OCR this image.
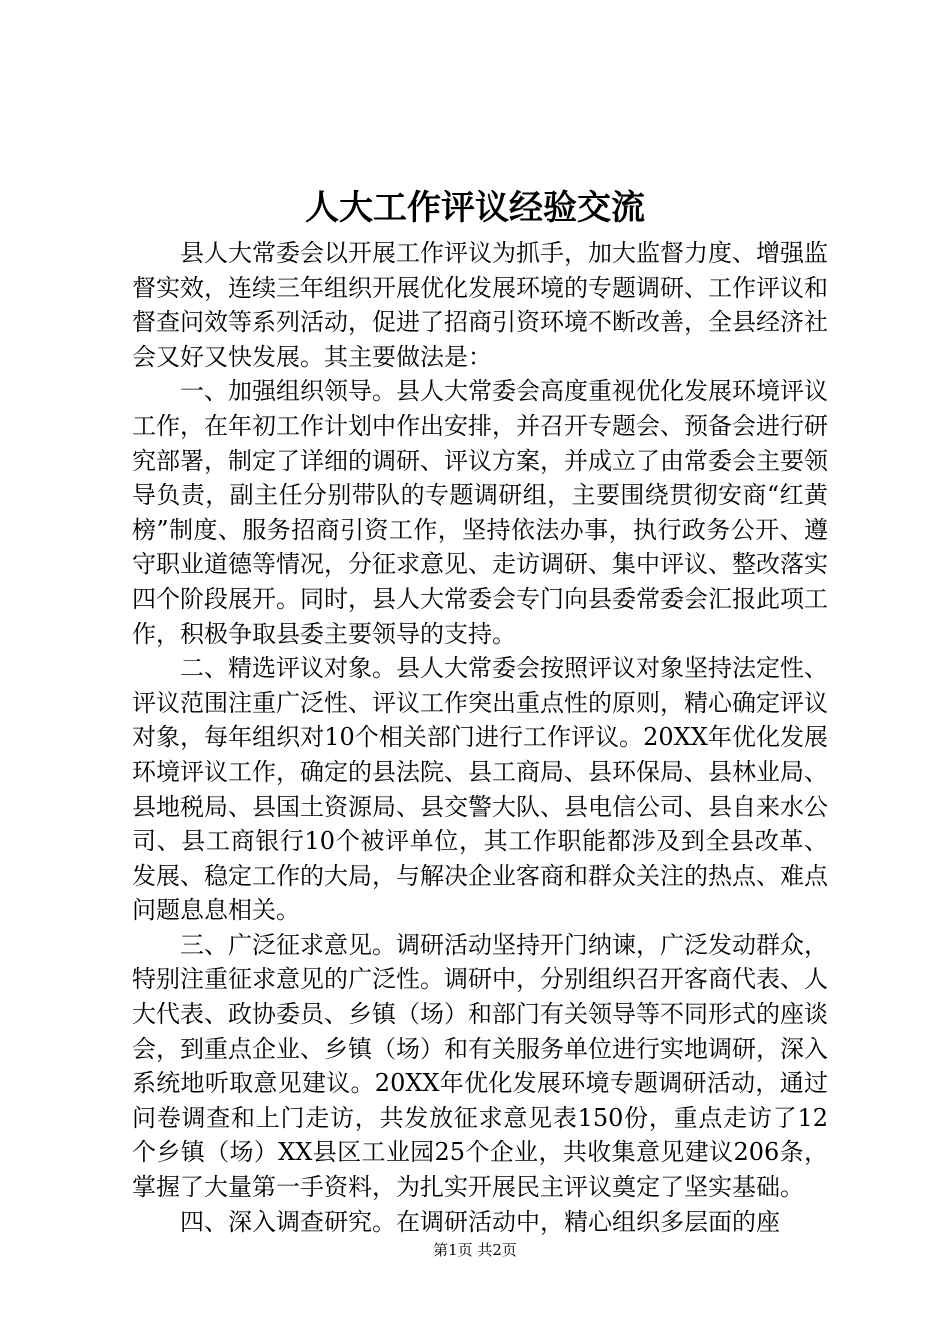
人大工作评议经验交流

县人大常委会以开展工作评议为抓手，加大监督力度、增强监督实效，连续三年组织开展优化发展环境的专题调研、工作评议和督查问效等系列活动，促进了招商引资环境不断改善，全县经济社会又好又快发展。其主要做法是：

一、加强组织领导。县人大常委会高度重视优化发展环境评议工作，在年初工作计划中作出安排，并召开专题会、预备会进行研究部署，制定了详细的调研、评议方案，并成立了由常委会主要领导负责，副主任分别带队的专题调研组，主要围绕贯彻安商“红黄榜”制度、服务招商引资工作，坚持依法办事，执行政务公开、遵守职业道德等情况，分征求意见、走访调研、集中评议、整改落实四个阶段展开。同时，县人大常委会专门向县委常委会汇报此项工作，积极争取县委主要领导的支持。

二、精选评议对象。县人大常委会按照评议对象坚持法定性、评议范围注重广泛性、评议工作突出重点性的原则，精心确定评议对象，每年组织对10个相关部门进行工作评议。20XX年优化发展环境评议工作，确定的县法院、县工商局、县环保局、县林业局、县地税局、县国土资源局、县交警大队、县电信公司、县自来水公司、县工商银行10个被评单位，其工作职能都涉及到全县改革、发展、稳定工作的大局，与解决企业客商和群众关注的热点、难点问题息息相关。

三、广泛征求意见。调研活动坚持开门纳谏，广泛发动群众，特别注重征求意见的广泛性。调研中，分别组织召开客商代表、人大代表、政协委员、乡镇（场）和部门有关领导等不同形式的座谈会，到重点企业、乡镇（场）和有关服务单位进行实地调研，深入系统地听取意见建议。20XX年优化发展环境专题调研活动，通过问卷调查和上门走访，共发放征求意见表150份，重点走访了12个乡镇（场）XX县区工业园25个企业，共收集意见建议206条，掌握了大量第一手资料，为扎实开展民主评议奠定了坚实基础。

四、深入调查研究。在调研活动中，精心组织多层面的座

第1页 共2页
